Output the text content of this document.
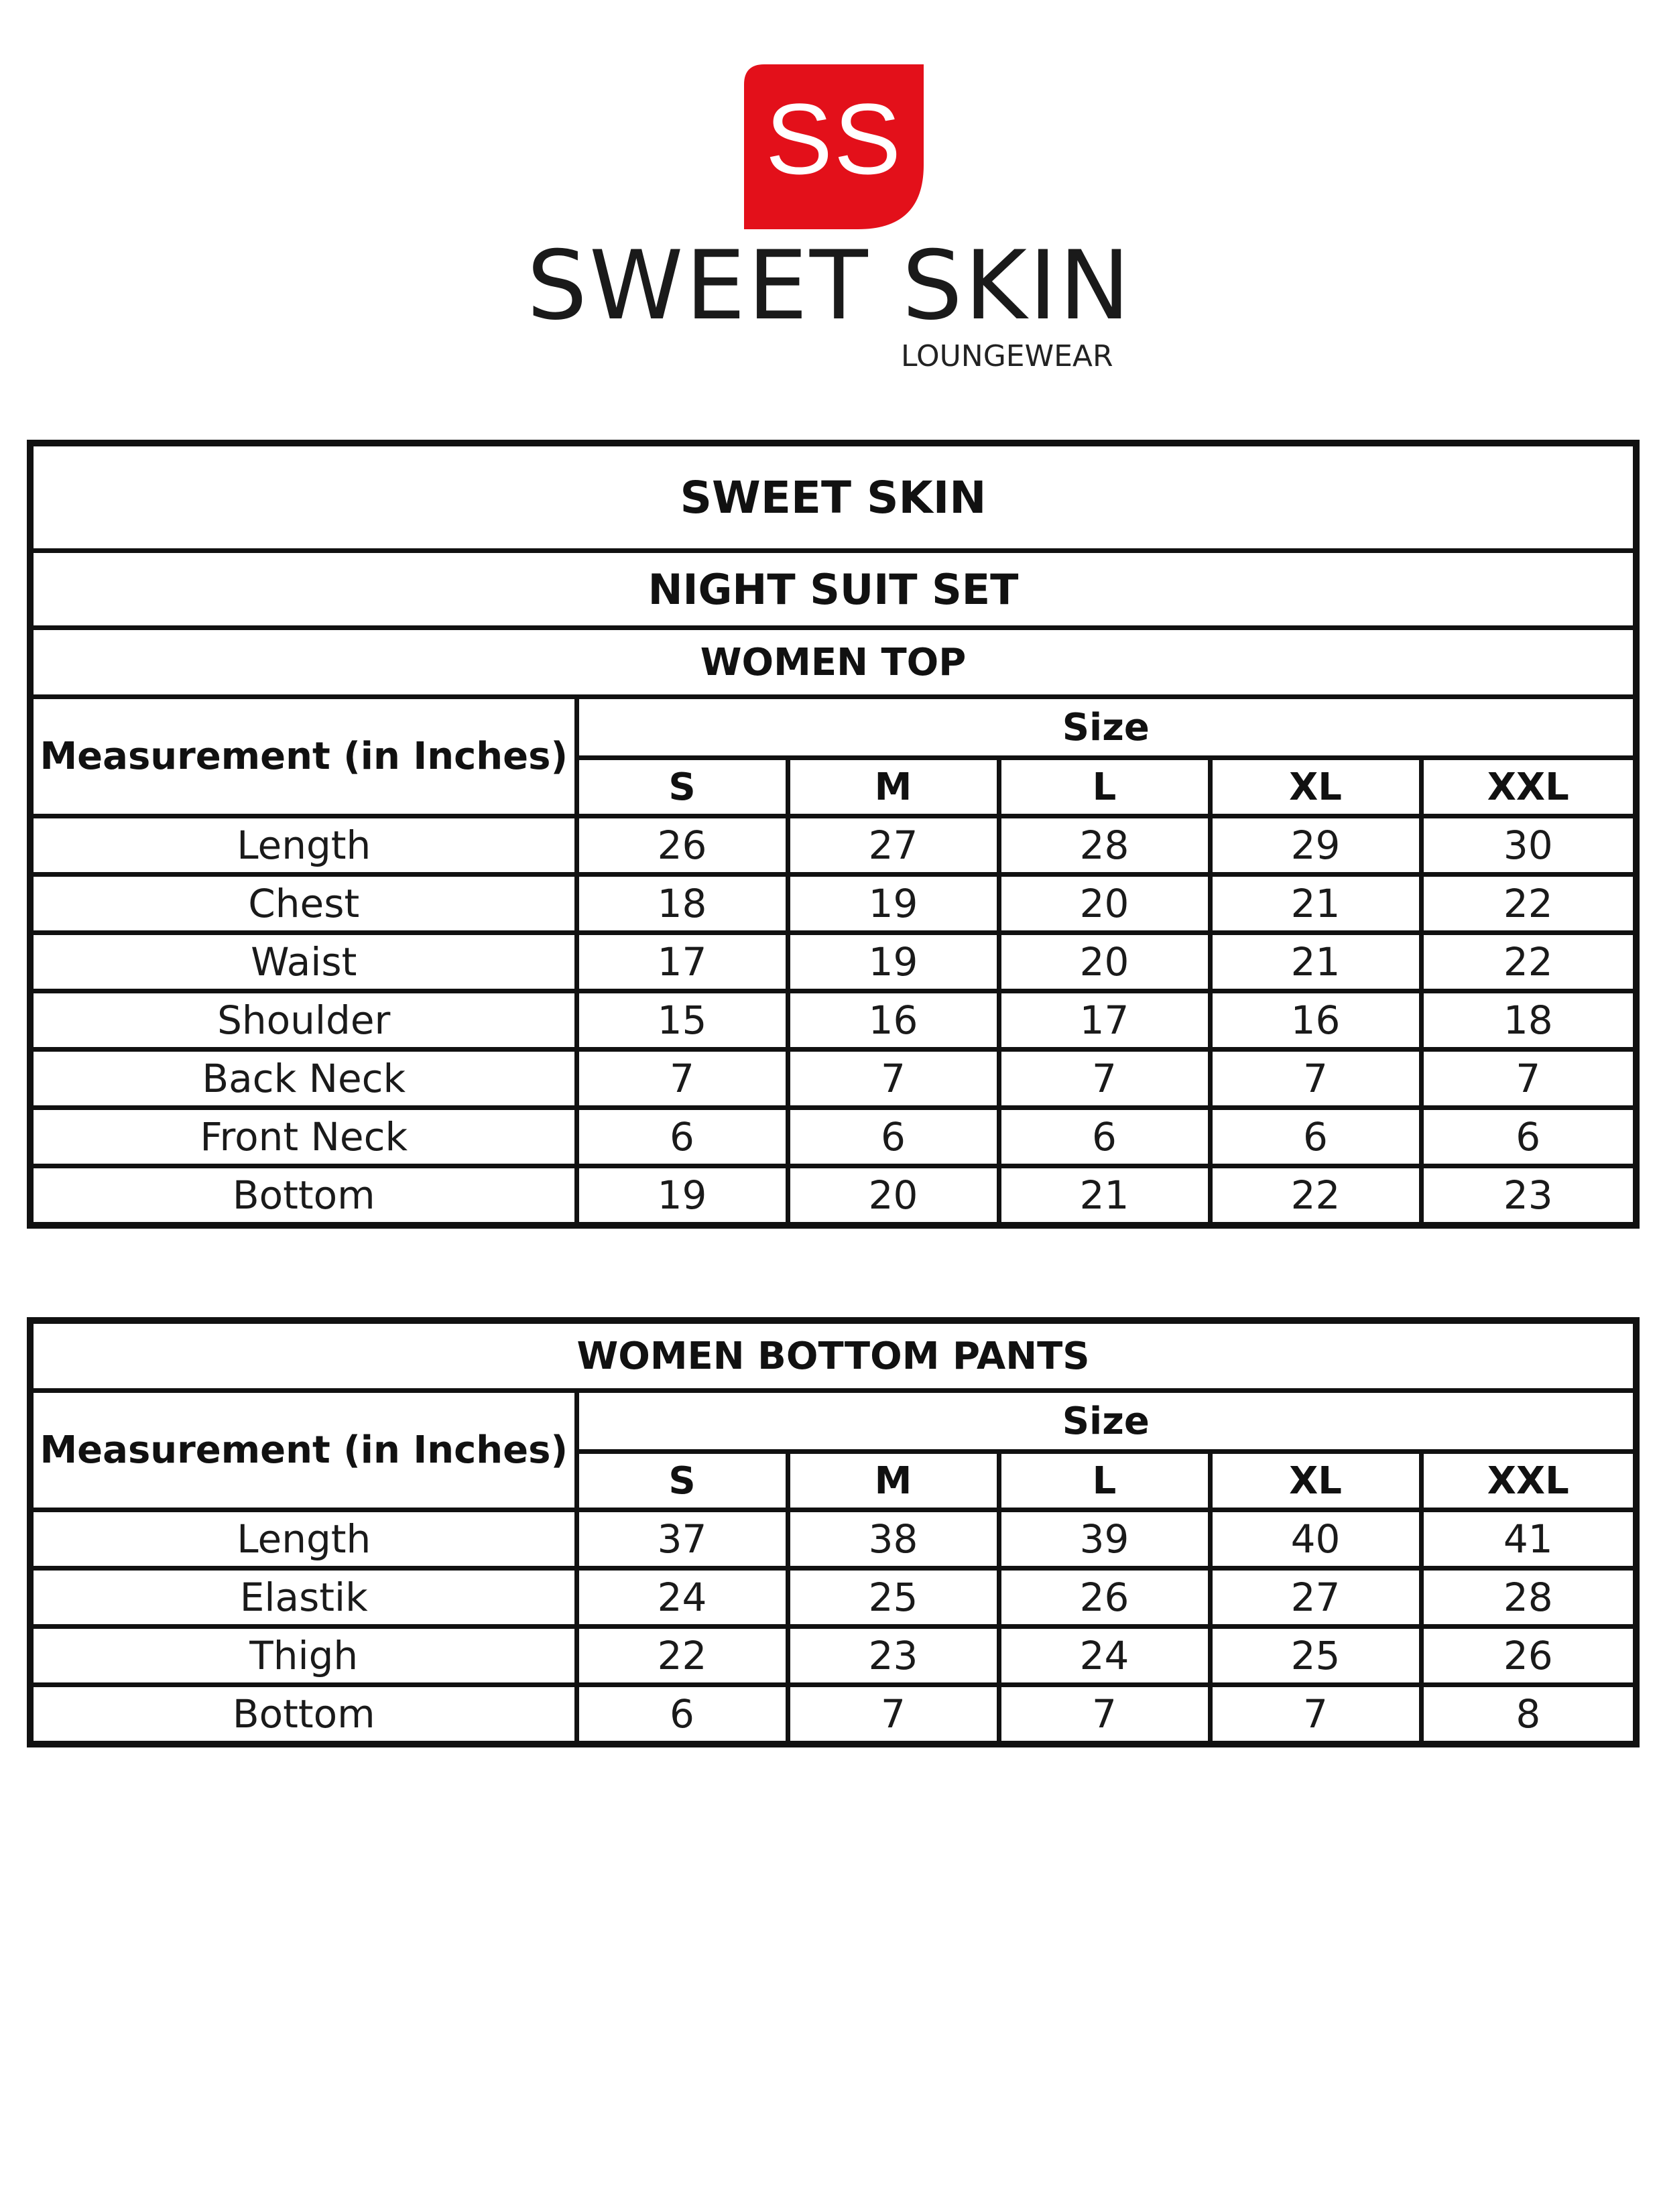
SS
SWEET SKIN
LOUNGEWEAR
SWEET SKIN					
NIGHT SUIT SET					
WOMEN TOP					
Measurement (in Inches)	Size				
	S	M	L	XL	XXL
Length	26	27	28	29	30
Chest	18	19	20	21	22
Waist	17	19	20	21	22
Shoulder	15	16	17	16	18
Back Neck	7	7	7	7	7
Front Neck	6	6	6	6	6
Bottom	19	20	21	22	23
WOMEN BOTTOM PANTS					
Measurement (in Inches)	Size				
	S	M	L	XL	XXL
Length	37	38	39	40	41
Elastik	24	25	26	27	28
Thigh	22	23	24	25	26
Bottom	6	7	7	7	8
